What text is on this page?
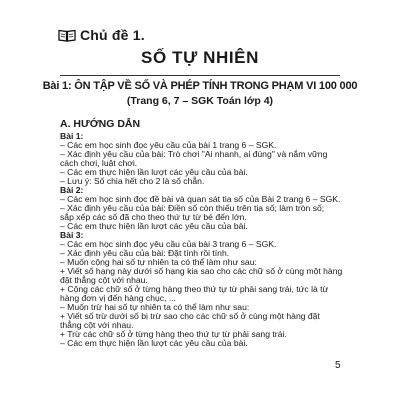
Chủ đề 1.
SỐ TỰ NHIÊN
Bài 1: ÔN TẬP VỀ SỐ VÀ PHÉP TÍNH TRONG PHẠM VI 100 000
(Trang 6, 7 – SGK Toán lớp 4)
A. HƯỚNG DẪN
Bài 1:
– Các em học sinh đọc yêu cầu của bài 1 trang 6 – SGK.
– Xác định yêu cầu của bài: Trò chơi "Ai nhanh, ai đúng" và nắm vững
cách chơi, luật chơi.
– Các em thực hiện lần lượt các yêu cầu của bài.
– Lưu ý: Số chia hết cho 2 là số chẵn.
Bài 2:
– Các em học sinh đọc đề bài và quan sát tia số của Bài 2 trang 6 – SGK.
– Xác định yêu cầu của bài: Điền số còn thiếu trên tia số; làm tròn số;
sắp xếp các số đã cho theo thứ tự từ bé đến lớn.
– Các em thực hiện lần lượt các yêu cầu của bài.
Bài 3:
– Các em học sinh đọc yêu cầu của bài 3 trang 6 – SGK.
– Xác định yêu cầu của bài: Đặt tính rồi tính.
– Muốn cộng hai số tự nhiên ta có thể làm như sau:
+ Viết số hạng này dưới số hạng kia sao cho các chữ số ở cùng một hàng
đặt thẳng cột với nhau.
+ Cộng các chữ số ở từng hàng theo thứ tự từ phải sang trái, tức là từ
hàng đơn vị đến hàng chục, ...
– Muốn trừ hai số tự nhiên ta có thể làm như sau:
+ Viết số trừ dưới số bị trừ sao cho các chữ số ở cùng một hàng đặt
thẳng cột với nhau.
+ Trừ các chữ số ở từng hàng theo thứ tự từ phải sang trái.
– Các em thực hiện lần lượt các yêu cầu của bài.
5
